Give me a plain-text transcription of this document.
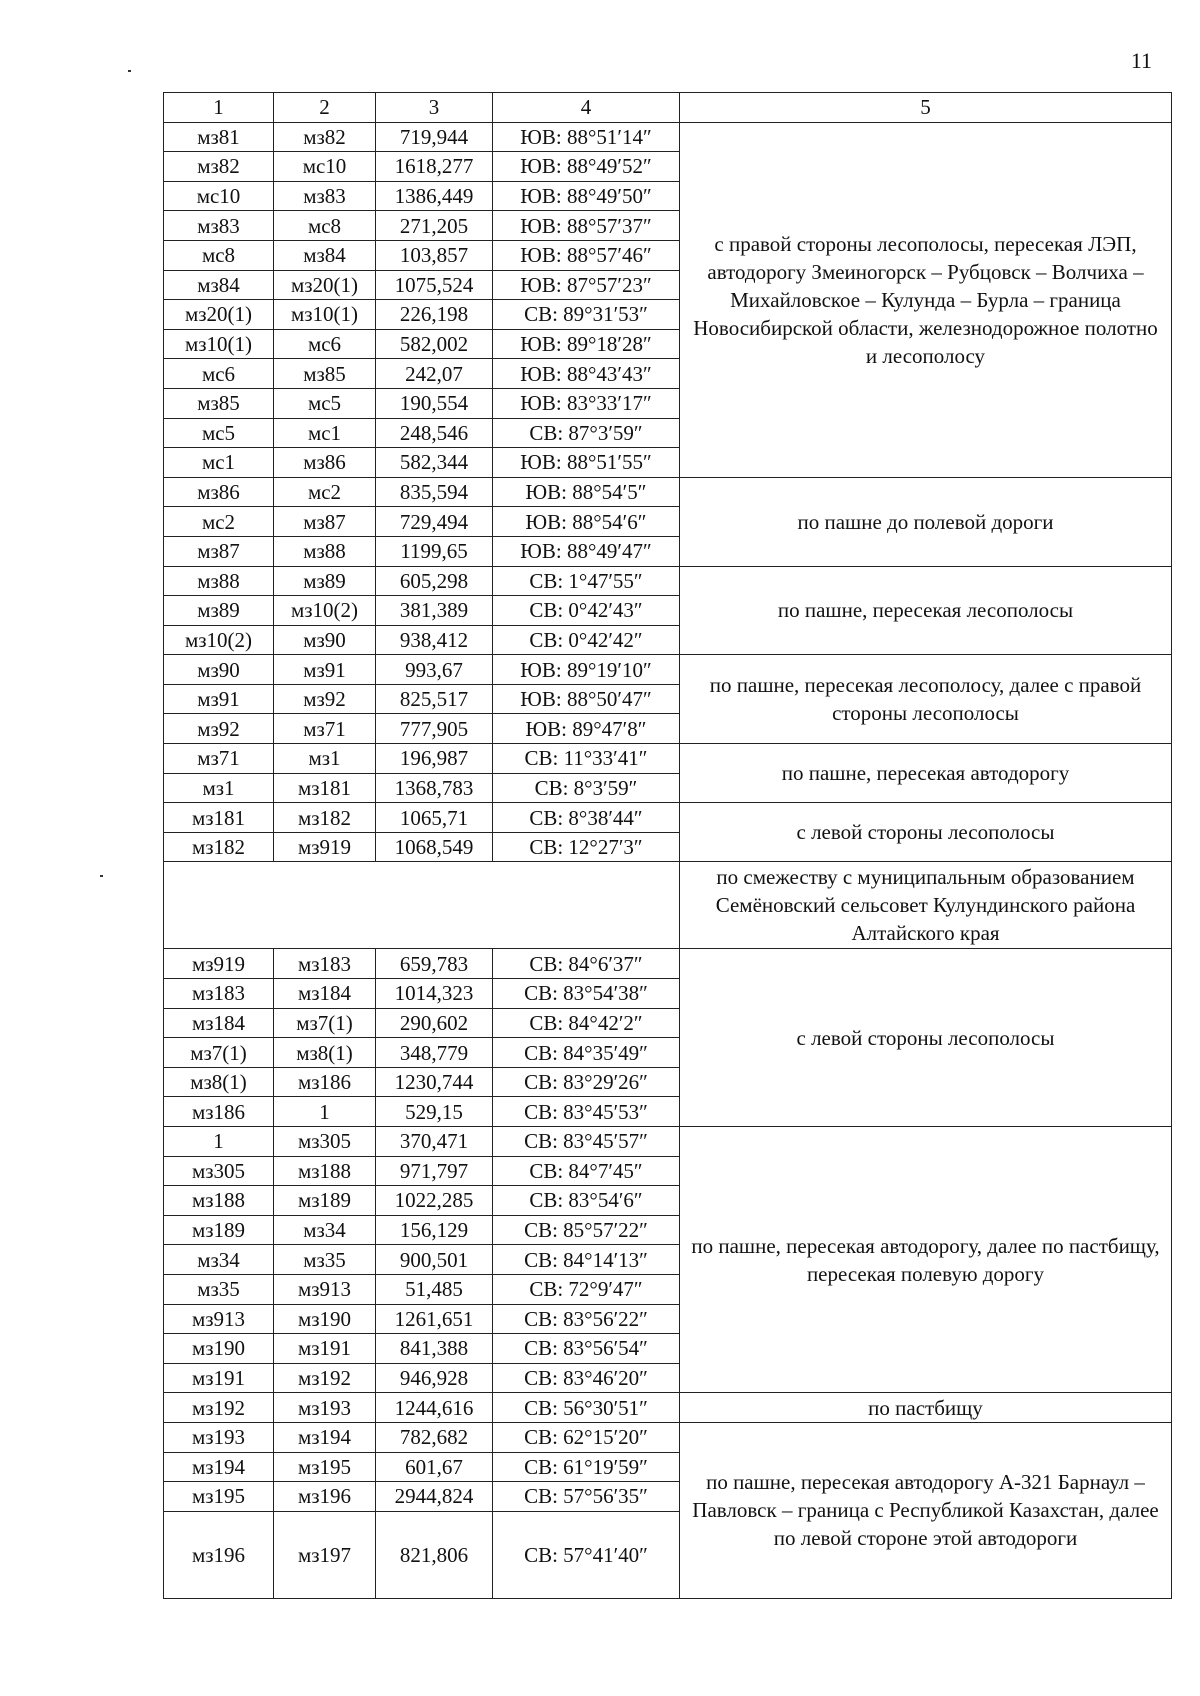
11
1	2	3	4	5
мз81	мз82	719,944	ЮВ: 88°51′14″	с правой стороны лесополосы, пересекая ЛЭП, автодорогу Змеиногорск – Рубцовск – Волчиха – Михайловское – Кулунда – Бурла – граница Новосибирской области, железнодорожное полотно и лесополосу
мз82	мс10	1618,277	ЮВ: 88°49′52″	
мс10	мз83	1386,449	ЮВ: 88°49′50″	
мз83	мс8	271,205	ЮВ: 88°57′37″	
мс8	мз84	103,857	ЮВ: 88°57′46″	
мз84	мз20(1)	1075,524	ЮВ: 87°57′23″	
мз20(1)	мз10(1)	226,198	СВ: 89°31′53″	
мз10(1)	мс6	582,002	ЮВ: 89°18′28″	
мс6	мз85	242,07	ЮВ: 88°43′43″	
мз85	мс5	190,554	ЮВ: 83°33′17″	
мс5	мс1	248,546	СВ: 87°3′59″	
мс1	мз86	582,344	ЮВ: 88°51′55″	
мз86	мс2	835,594	ЮВ: 88°54′5″	по пашне до полевой дороги
мс2	мз87	729,494	ЮВ: 88°54′6″	
мз87	мз88	1199,65	ЮВ: 88°49′47″	
мз88	мз89	605,298	СВ: 1°47′55″	по пашне, пересекая лесополосы
мз89	мз10(2)	381,389	СВ: 0°42′43″	
мз10(2)	мз90	938,412	СВ: 0°42′42″	
мз90	мз91	993,67	ЮВ: 89°19′10″	по пашне, пересекая лесополосу, далее с правой стороны лесополосы
мз91	мз92	825,517	ЮВ: 88°50′47″	
мз92	мз71	777,905	ЮВ: 89°47′8″	
мз71	мз1	196,987	СВ: 11°33′41″	по пашне, пересекая автодорогу
мз1	мз181	1368,783	СВ: 8°3′59″	
мз181	мз182	1065,71	СВ: 8°38′44″	с левой стороны лесополосы
мз182	мз919	1068,549	СВ: 12°27′3″	
				по смежеству с муниципальным образованием Семёновский сельсовет Кулундинского района Алтайского края
мз919	мз183	659,783	СВ: 84°6′37″	с левой стороны лесополосы
мз183	мз184	1014,323	СВ: 83°54′38″	
мз184	мз7(1)	290,602	СВ: 84°42′2″	
мз7(1)	мз8(1)	348,779	СВ: 84°35′49″	
мз8(1)	мз186	1230,744	СВ: 83°29′26″	
мз186	1	529,15	СВ: 83°45′53″	
1	мз305	370,471	СВ: 83°45′57″	по пашне, пересекая автодорогу, далее по пастбищу, пересекая полевую дорогу
мз305	мз188	971,797	СВ: 84°7′45″	
мз188	мз189	1022,285	СВ: 83°54′6″	
мз189	мз34	156,129	СВ: 85°57′22″	
мз34	мз35	900,501	СВ: 84°14′13″	
мз35	мз913	51,485	СВ: 72°9′47″	
мз913	мз190	1261,651	СВ: 83°56′22″	
мз190	мз191	841,388	СВ: 83°56′54″	
мз191	мз192	946,928	СВ: 83°46′20″	
мз192	мз193	1244,616	СВ: 56°30′51″	по пастбищу
мз193	мз194	782,682	СВ: 62°15′20″	по пашне, пересекая автодорогу А-321 Барнаул – Павловск – граница с Республикой Казахстан, далее по левой стороне этой автодороги
мз194	мз195	601,67	СВ: 61°19′59″	
мз195	мз196	2944,824	СВ: 57°56′35″	
мз196	мз197	821,806	СВ: 57°41′40″	
